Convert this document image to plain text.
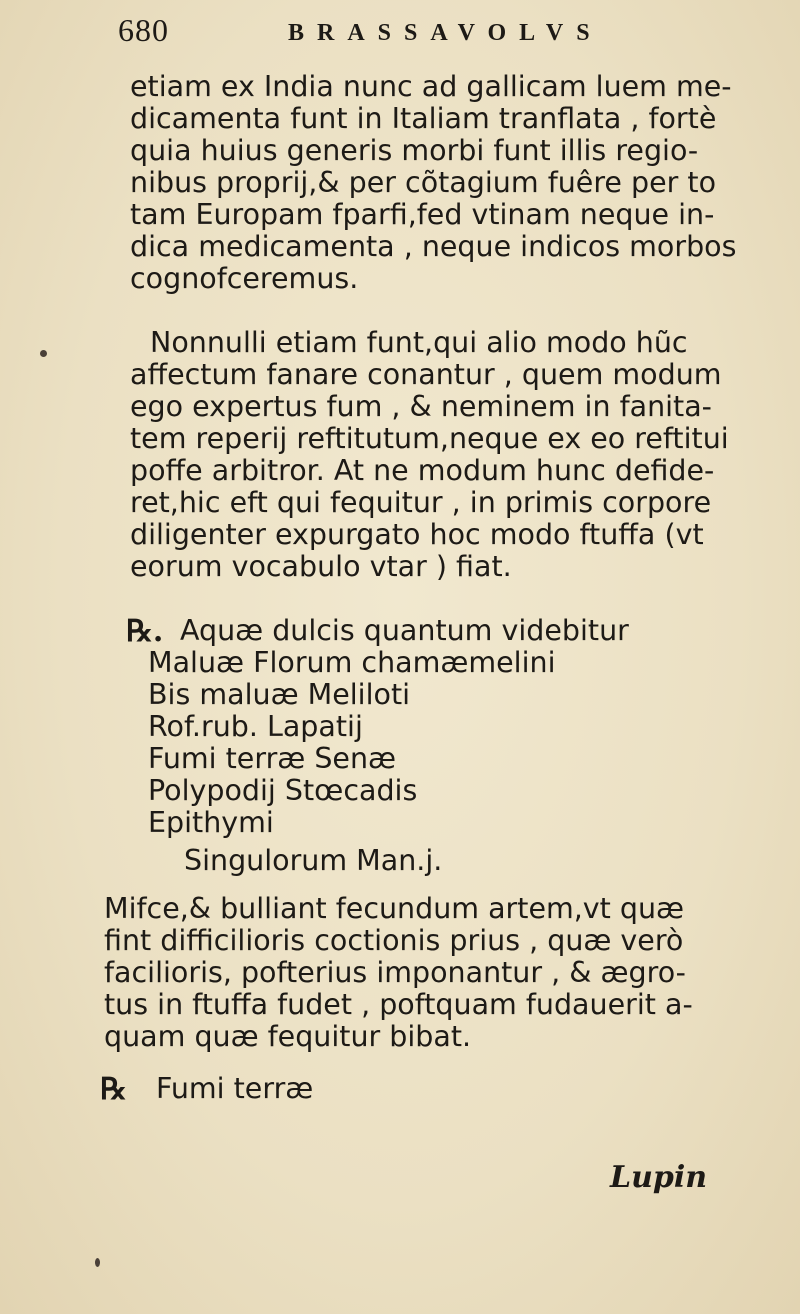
680	BRASSAVOLVS
etiam ex India nunc ad gallicam luem me-
dicamenta funt in Italiam tranflata , fortè
quia huius generis morbi funt illis regio-
nibus proprij,& per cõtagium fuêre per to
tam Europam fparfi,fed vtinam neque in-
dica medicamenta , neque indicos morbos
cognofceremus.
Nonnulli etiam funt,qui alio modo hũc
affectum fanare conantur , quem modum
ego expertus fum , & neminem in fanita-
tem reperij reftitutum,neque ex eo reftitui
poffe arbitror. At ne modum hunc defide-
ret,hic eft qui fequitur , in primis corpore
diligenter expurgato hoc modo ftuffa (vt
eorum vocabulo vtar ) fiat.
℞. Aquæ dulcis quantum videbitur
Maluæ Florum chamæmelini
Bis maluæ Meliloti
Rof.rub. Lapatij
Fumi terræ Senæ
Polypodij Stœcadis
Epithymi
Singulorum Man.j.
Mifce,& bulliant fecundum artem,vt quæ
fint difficilioris coctionis prius , quæ verò
facilioris, pofterius imponantur , & ægro-
tus in ftuffa fudet , poftquam fudauerit a-
quam quæ fequitur bibat.
℞ Fumi terræ
Lupin
